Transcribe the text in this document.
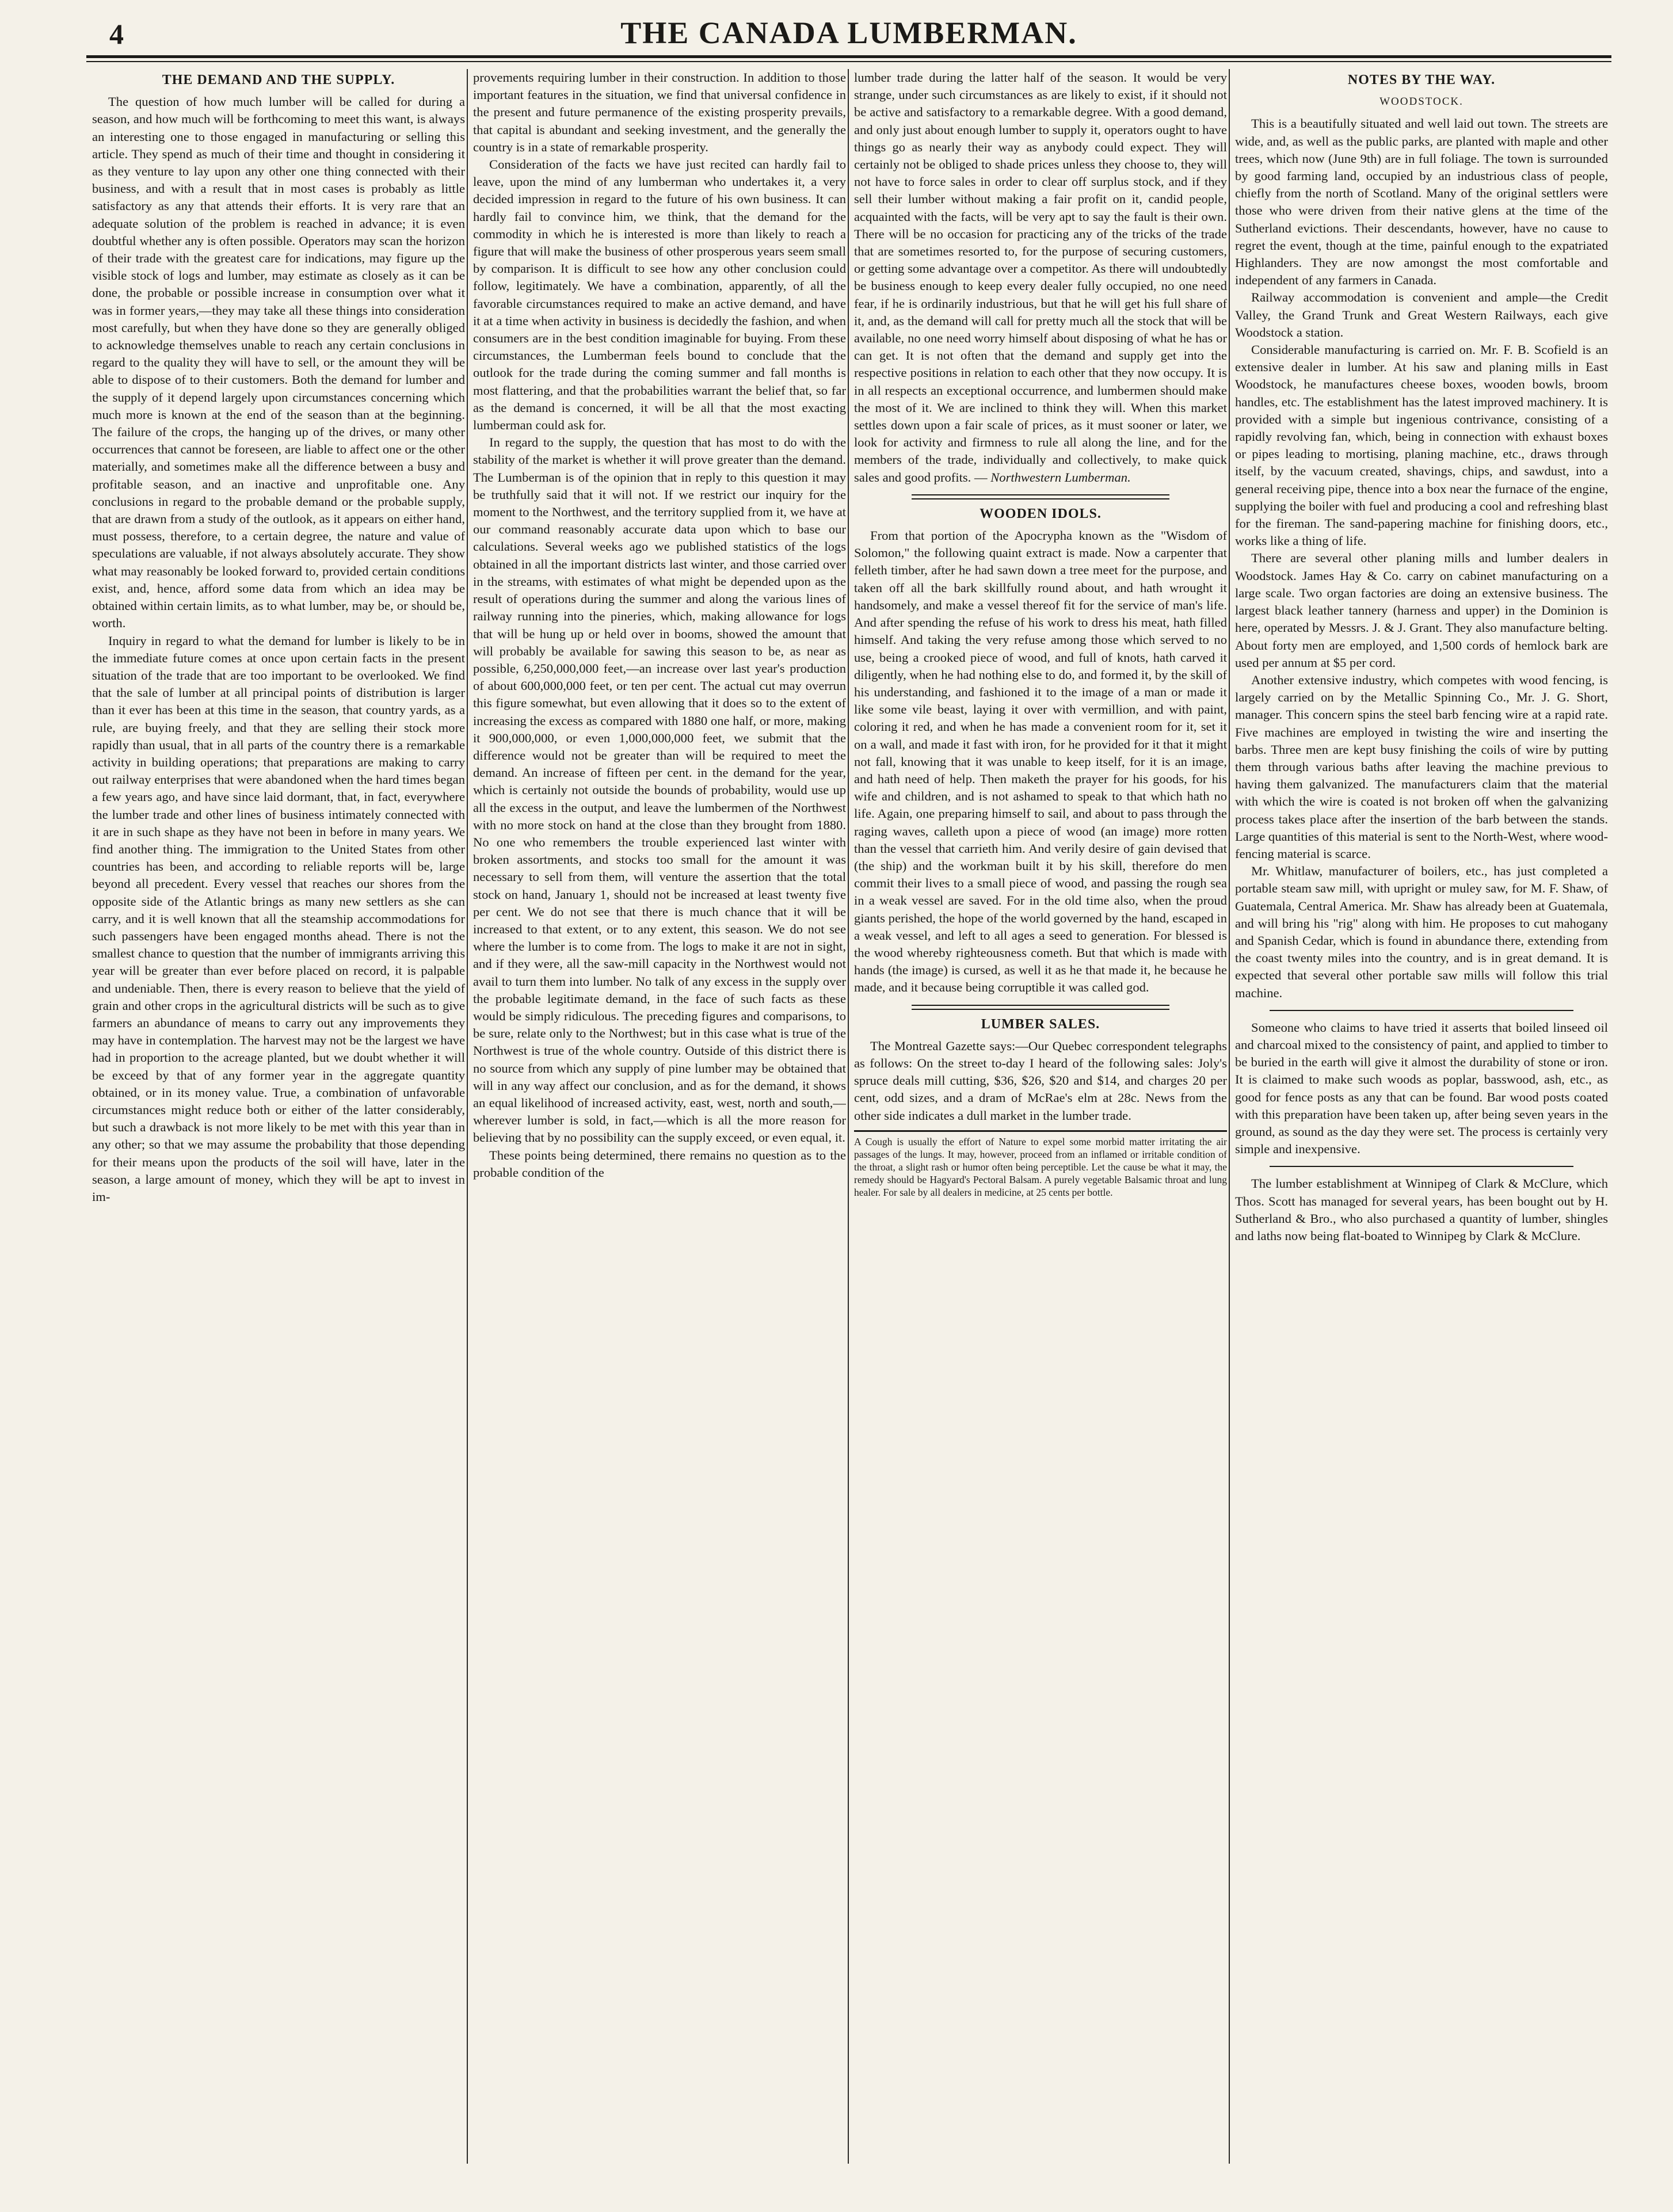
4	THE CANADA LUMBERMAN.
THE DEMAND AND THE SUPPLY.

The question of how much lumber will be called for during a season, and how much will be forthcoming to meet this want, is always an interesting one to those engaged in manufacturing or selling this article. They spend as much of their time and thought in considering it as they venture to lay upon any other one thing connected with their business, and with a result that in most cases is probably as little satisfactory as any that attends their efforts. It is very rare that an adequate solution of the problem is reached in advance; it is even doubtful whether any is often possible. Operators may scan the horizon of their trade with the greatest care for indications, may figure up the visible stock of logs and lumber, may estimate as closely as it can be done, the probable or possible increase in consumption over what it was in former years,—they may take all these things into consideration most carefully, but when they have done so they are generally obliged to acknowledge themselves unable to reach any certain conclusions in regard to the quality they will have to sell, or the amount they will be able to dispose of to their customers. Both the demand for lumber and the supply of it depend largely upon circumstances concerning which much more is known at the end of the season than at the beginning. The failure of the crops, the hanging up of the drives, or many other occurrences that cannot be foreseen, are liable to affect one or the other materially, and sometimes make all the difference between a busy and profitable season, and an inactive and unprofitable one. Any conclusions in regard to the probable demand or the probable supply, that are drawn from a study of the outlook, as it appears on either hand, must possess, therefore, to a certain degree, the nature and value of speculations are valuable, if not always absolutely accurate. They show what may reasonably be looked forward to, provided certain conditions exist, and, hence, afford some data from which an idea may be obtained within certain limits, as to what lumber, may be, or should be, worth.

Inquiry in regard to what the demand for lumber is likely to be in the immediate future comes at once upon certain facts in the present situation of the trade that are too important to be overlooked. We find that the sale of lumber at all principal points of distribution is larger than it ever has been at this time in the season, that country yards, as a rule, are buying freely, and that they are selling their stock more rapidly than usual, that in all parts of the country there is a remarkable activity in building operations; that preparations are making to carry out railway enterprises that were abandoned when the hard times began a few years ago, and have since laid dormant, that, in fact, everywhere the lumber trade and other lines of business intimately connected with it are in such shape as they have not been in before in many years. We find another thing. The immigration to the United States from other countries has been, and according to reliable reports will be, large beyond all precedent. Every vessel that reaches our shores from the opposite side of the Atlantic brings as many new settlers as she can carry, and it is well known that all the steamship accommodations for such passengers have been engaged months ahead. There is not the smallest chance to question that the number of immigrants arriving this year will be greater than ever before placed on record, it is palpable and undeniable. Then, there is every reason to believe that the yield of grain and other crops in the agricultural districts will be such as to give farmers an abundance of means to carry out any improvements they may have in contemplation. The harvest may not be the largest we have had in proportion to the acreage planted, but we doubt whether it will be exceed by that of any former year in the aggregate quantity obtained, or in its money value. True, a combination of unfavorable circumstances might reduce both or either of the latter considerably, but such a drawback is not more likely to be met with this year than in any other; so that we may assume the probability that those depending for their means upon the products of the soil will have, later in the season, a large amount of money, which they will be apt to invest in im-

provements requiring lumber in their construction. In addition to those important features in the situation, we find that universal confidence in the present and future permanence of the existing prosperity prevails, that capital is abundant and seeking investment, and the generally the country is in a state of remarkable prosperity.

Consideration of the facts we have just recited can hardly fail to leave, upon the mind of any lumberman who undertakes it, a very decided impression in regard to the future of his own business. It can hardly fail to convince him, we think, that the demand for the commodity in which he is interested is more than likely to reach a figure that will make the business of other prosperous years seem small by comparison. It is difficult to see how any other conclusion could follow, legitimately. We have a combination, apparently, of all the favorable circumstances required to make an active demand, and have it at a time when activity in business is decidedly the fashion, and when consumers are in the best condition imaginable for buying. From these circumstances, the Lumberman feels bound to conclude that the outlook for the trade during the coming summer and fall months is most flattering, and that the probabilities warrant the belief that, so far as the demand is concerned, it will be all that the most exacting lumberman could ask for.

In regard to the supply, the question that has most to do with the stability of the market is whether it will prove greater than the demand. The Lumberman is of the opinion that in reply to this question it may be truthfully said that it will not. If we restrict our inquiry for the moment to the Northwest, and the territory supplied from it, we have at our command reasonably accurate data upon which to base our calculations. Several weeks ago we published statistics of the logs obtained in all the important districts last winter, and those carried over in the streams, with estimates of what might be depended upon as the result of operations during the summer and along the various lines of railway running into the pineries, which, making allowance for logs that will be hung up or held over in booms, showed the amount that will probably be available for sawing this season to be, as near as possible, 6,250,000,000 feet,—an increase over last year's production of about 600,000,000 feet, or ten per cent. The actual cut may overrun this figure somewhat, but even allowing that it does so to the extent of increasing the excess as compared with 1880 one half, or more, making it 900,000,000, or even 1,000,000,000 feet, we submit that the difference would not be greater than will be required to meet the demand. An increase of fifteen per cent. in the demand for the year, which is certainly not outside the bounds of probability, would use up all the excess in the output, and leave the lumbermen of the Northwest with no more stock on hand at the close than they brought from 1880. No one who remembers the trouble experienced last winter with broken assortments, and stocks too small for the amount it was necessary to sell from them, will venture the assertion that the total stock on hand, January 1, should not be increased at least twenty five per cent. We do not see that there is much chance that it will be increased to that extent, or to any extent, this season. We do not see where the lumber is to come from. The logs to make it are not in sight, and if they were, all the saw-mill capacity in the Northwest would not avail to turn them into lumber. No talk of any excess in the supply over the probable legitimate demand, in the face of such facts as these would be simply ridiculous. The preceding figures and comparisons, to be sure, relate only to the Northwest; but in this case what is true of the Northwest is true of the whole country. Outside of this district there is no source from which any supply of pine lumber may be obtained that will in any way affect our conclusion, and as for the demand, it shows an equal likelihood of increased activity, east, west, north and south,—wherever lumber is sold, in fact,—which is all the more reason for believing that by no possibility can the supply exceed, or even equal, it.

These points being determined, there remains no question as to the probable condition of the

lumber trade during the latter half of the season. It would be very strange, under such circumstances as are likely to exist, if it should not be active and satisfactory to a remarkable degree. With a good demand, and only just about enough lumber to supply it, operators ought to have things go as nearly their way as anybody could expect. They will certainly not be obliged to shade prices unless they choose to, they will not have to force sales in order to clear off surplus stock, and if they sell their lumber without making a fair profit on it, candid people, acquainted with the facts, will be very apt to say the fault is their own. There will be no occasion for practicing any of the tricks of the trade that are sometimes resorted to, for the purpose of securing customers, or getting some advantage over a competitor. As there will undoubtedly be business enough to keep every dealer fully occupied, no one need fear, if he is ordinarily industrious, but that he will get his full share of it, and, as the demand will call for pretty much all the stock that will be available, no one need worry himself about disposing of what he has or can get. It is not often that the demand and supply get into the respective positions in relation to each other that they now occupy. It is in all respects an exceptional occurrence, and lumbermen should make the most of it. We are inclined to think they will. When this market settles down upon a fair scale of prices, as it must sooner or later, we look for activity and firmness to rule all along the line, and for the members of the trade, individually and collectively, to make quick sales and good profits. — Northwestern Lumberman.

WOODEN IDOLS.

From that portion of the Apocrypha known as the "Wisdom of Solomon," the following quaint extract is made. Now a carpenter that felleth timber, after he had sawn down a tree meet for the purpose, and taken off all the bark skillfully round about, and hath wrought it handsomely, and make a vessel thereof fit for the service of man's life. And after spending the refuse of his work to dress his meat, hath filled himself. And taking the very refuse among those which served to no use, being a crooked piece of wood, and full of knots, hath carved it diligently, when he had nothing else to do, and formed it, by the skill of his understanding, and fashioned it to the image of a man or made it like some vile beast, laying it over with vermillion, and with paint, coloring it red, and when he has made a convenient room for it, set it on a wall, and made it fast with iron, for he provided for it that it might not fall, knowing that it was unable to keep itself, for it is an image, and hath need of help. Then maketh the prayer for his goods, for his wife and children, and is not ashamed to speak to that which hath no life. Again, one preparing himself to sail, and about to pass through the raging waves, calleth upon a piece of wood (an image) more rotten than the vessel that carrieth him. And verily desire of gain devised that (the ship) and the workman built it by his skill, therefore do men commit their lives to a small piece of wood, and passing the rough sea in a weak vessel are saved. For in the old time also, when the proud giants perished, the hope of the world governed by the hand, escaped in a weak vessel, and left to all ages a seed to generation. For blessed is the wood whereby righteousness cometh. But that which is made with hands (the image) is cursed, as well it as he that made it, he because he made, and it because being corruptible it was called god.

LUMBER SALES.

The Montreal Gazette says:—Our Quebec correspondent telegraphs as follows: On the street to-day I heard of the following sales: Joly's spruce deals mill cutting, $36, $26, $20 and $14, and charges 20 per cent, odd sizes, and a dram of McRae's elm at 28c. News from the other side indicates a dull market in the lumber trade.

A Cough is usually the effort of Nature to expel some morbid matter irritating the air passages of the lungs. It may, however, proceed from an inflamed or irritable condition of the throat, a slight rash or humor often being perceptible. Let the cause be what it may, the remedy should be Hagyard's Pectoral Balsam. A purely vegetable Balsamic throat and lung healer. For sale by all dealers in medicine, at 25 cents per bottle.
NOTES BY THE WAY.
WOODSTOCK.

This is a beautifully situated and well laid out town. The streets are wide, and, as well as the public parks, are planted with maple and other trees, which now (June 9th) are in full foliage. The town is surrounded by good farming land, occupied by an industrious class of people, chiefly from the north of Scotland. Many of the original settlers were those who were driven from their native glens at the time of the Sutherland evictions. Their descendants, however, have no cause to regret the event, though at the time, painful enough to the expatriated Highlanders. They are now amongst the most comfortable and independent of any farmers in Canada.

Railway accommodation is convenient and ample—the Credit Valley, the Grand Trunk and Great Western Railways, each give Woodstock a station.

Considerable manufacturing is carried on. Mr. F. B. Scofield is an extensive dealer in lumber. At his saw and planing mills in East Woodstock, he manufactures cheese boxes, wooden bowls, broom handles, etc. The establishment has the latest improved machinery. It is provided with a simple but ingenious contrivance, consisting of a rapidly revolving fan, which, being in connection with exhaust boxes or pipes leading to mortising, planing machine, etc., draws through itself, by the vacuum created, shavings, chips, and sawdust, into a general receiving pipe, thence into a box near the furnace of the engine, supplying the boiler with fuel and producing a cool and refreshing blast for the fireman. The sand-papering machine for finishing doors, etc., works like a thing of life.

There are several other planing mills and lumber dealers in Woodstock. James Hay & Co. carry on cabinet manufacturing on a large scale. Two organ factories are doing an extensive business. The largest black leather tannery (harness and upper) in the Dominion is here, operated by Messrs. J. & J. Grant. They also manufacture belting. About forty men are employed, and 1,500 cords of hemlock bark are used per annum at $5 per cord.

Another extensive industry, which competes with wood fencing, is largely carried on by the Metallic Spinning Co., Mr. J. G. Short, manager. This concern spins the steel barb fencing wire at a rapid rate. Five machines are employed in twisting the wire and inserting the barbs. Three men are kept busy finishing the coils of wire by putting them through various baths after leaving the machine previous to having them galvanized. The manufacturers claim that the material with which the wire is coated is not broken off when the galvanizing process takes place after the insertion of the barb between the stands. Large quantities of this material is sent to the North-West, where wood-fencing material is scarce.

Mr. Whitlaw, manufacturer of boilers, etc., has just completed a portable steam saw mill, with upright or muley saw, for M. F. Shaw, of Guatemala, Central America. Mr. Shaw has already been at Guatemala, and will bring his "rig" along with him. He proposes to cut mahogany and Spanish Cedar, which is found in abundance there, extending from the coast twenty miles into the country, and is in great demand. It is expected that several other portable saw mills will follow this trial machine.

Someone who claims to have tried it asserts that boiled linseed oil and charcoal mixed to the consistency of paint, and applied to timber to be buried in the earth will give it almost the durability of stone or iron. It is claimed to make such woods as poplar, basswood, ash, etc., as good for fence posts as any that can be found. Bar wood posts coated with this preparation have been taken up, after being seven years in the ground, as sound as the day they were set. The process is certainly very simple and inexpensive.

The lumber establishment at Winnipeg of Clark & McClure, which Thos. Scott has managed for several years, has been bought out by H. Sutherland & Bro., who also purchased a quantity of lumber, shingles and laths now being flat-boated to Winnipeg by Clark & McClure.
